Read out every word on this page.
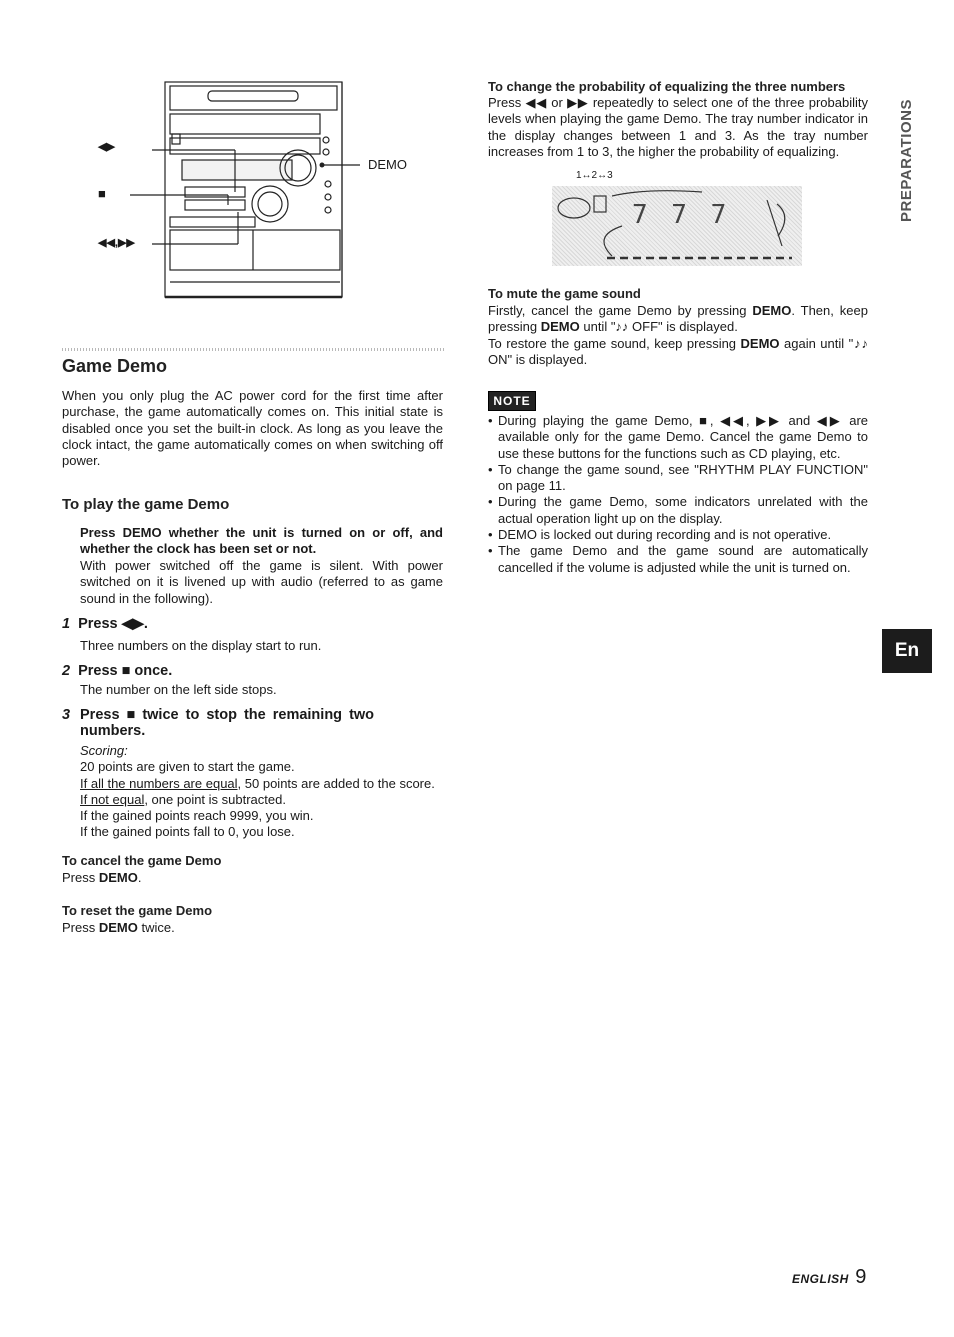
◀▶
■
◀◀,▶▶
DEMO
Game Demo

When you only plug the AC power cord for the first time after purchase, the game automatically comes on. This initial state is disabled once you set the built-in clock. As long as you leave the clock intact, the game automatically comes on when switching off power.

To play the game Demo

Press DEMO whether the unit is turned on or off, and whether the clock has been set or not.

With power switched off the game is silent. With power switched on it is livened up with audio (referred to as game sound in the following).

1 Press ◀▶.

Three numbers on the display start to run.

2 Press ■ once.

The number on the left side stops.

3 Press ■ twice to stop the remaining two numbers.

Scoring:

20 points are given to start the game.

If all the numbers are equal, 50 points are added to the score.

If not equal, one point is subtracted.

If the gained points reach 9999, you win.

If the gained points fall to 0, you lose.

To cancel the game Demo

Press DEMO.

To reset the game Demo

Press DEMO twice.

To change the probability of equalizing the three numbers

Press ◀◀ or ▶▶ repeatedly to select one of the three probability levels when playing the game Demo. The tray number indicator in the display changes between 1 and 3. As the tray number increases from 1 to 3, the higher the probability of equalizing.

1↔2↔3
7 7 7
To mute the game sound

Firstly, cancel the game Demo by pressing DEMO. Then, keep pressing DEMO until "♪♪ OFF" is displayed.

To restore the game sound, keep pressing DEMO again until "♪♪ ON" is displayed.

NOTE
• During playing the game Demo, ■, ◀◀, ▶▶ and ◀▶ are available only for the game Demo. Cancel the game Demo to use these buttons for the functions such as CD playing, etc.
• To change the game sound, see "RHYTHM PLAY FUNCTION" on page 11.
• During the game Demo, some indicators unrelated with the actual operation light up on the display.
• DEMO is locked out during recording and is not operative.
• The game Demo and the game sound are automatically cancelled if the volume is adjusted while the unit is turned on.
PREPARATIONS
En
ENGLISH 9
